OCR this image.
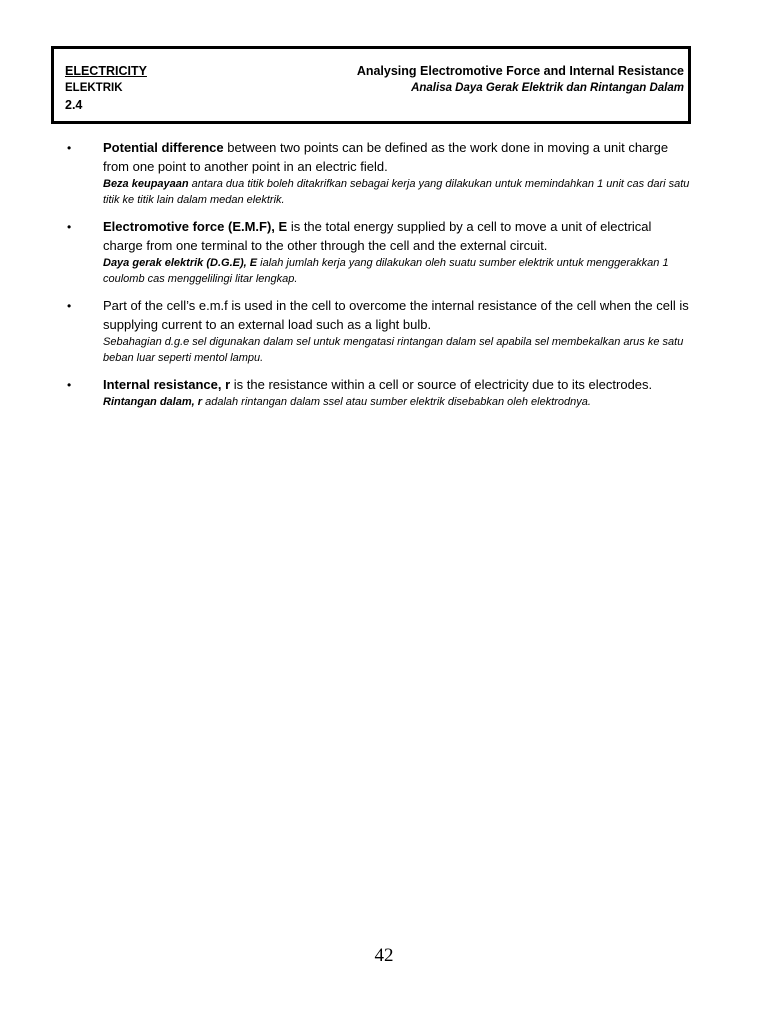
ELECTRICITY
ELEKTRIK
2.4
Analysing Electromotive Force and Internal Resistance
Analisa Daya Gerak Elektrik dan Rintangan Dalam
• Potential difference between two points can be defined as the work done in moving a unit charge from one point to another point in an electric field.
Beza keupayaan antara dua titik boleh ditakrifkan sebagai kerja yang dilakukan untuk memindahkan 1 unit cas dari satu titik ke titik lain dalam medan elektrik.
• Electromotive force (E.M.F), E is the total energy supplied by a cell to move a unit of electrical charge from one terminal to the other through the cell and the external circuit.
Daya gerak elektrik (D.G.E), E ialah jumlah kerja yang dilakukan oleh suatu sumber elektrik untuk menggerakkan 1 coulomb cas menggelilingi litar lengkap.
• Part of the cell’s e.m.f is used in the cell to overcome the internal resistance of the cell when the cell is supplying current to an external load such as a light bulb.
Sebahagian d.g.e sel digunakan dalam sel untuk mengatasi rintangan dalam sel apabila sel membekalkan arus ke satu beban luar seperti mentol lampu.
• Internal resistance, r is the resistance within a cell or source of electricity due to its electrodes.
Rintangan dalam, r adalah rintangan dalam ssel atau sumber elektrik disebabkan oleh elektrodnya.
42
